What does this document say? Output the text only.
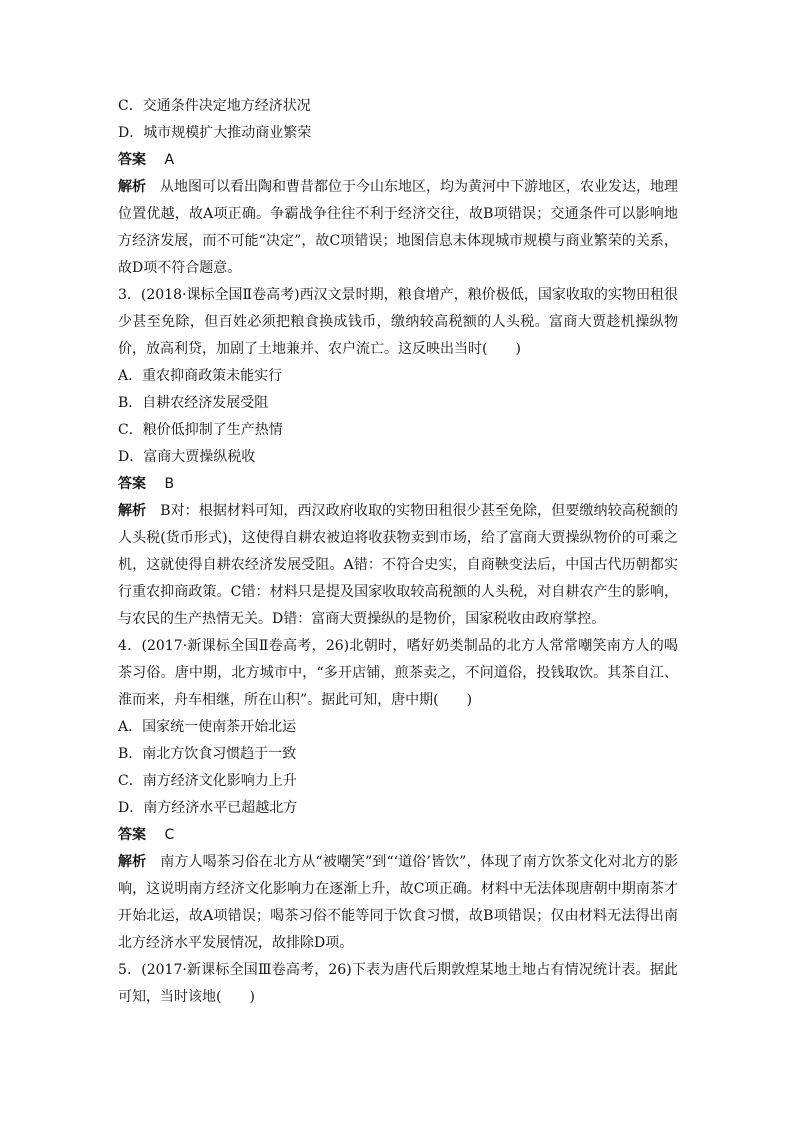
C．交通条件决定地方经济状况
D．城市规模扩大推动商业繁荣
答案 A
解析 从地图可以看出陶和曹昔都位于今山东地区，均为黄河中下游地区，农业发达，地理位置优越，故A项正确。争霸战争往往不利于经济交往，故B项错误；交通条件可以影响地方经济发展，而不可能“决定”，故C项错误；地图信息未体现城市规模与商业繁荣的关系，故D项不符合题意。
3．(2018·课标全国Ⅱ卷高考)西汉文景时期，粮食增产，粮价极低，国家收取的实物田租很少甚至免除，但百姓必须把粮食换成钱币，缴纳较高税额的人头税。富商大贾趁机操纵物价，放高利贷，加剧了土地兼并、农户流亡。这反映出当时(　　)
A．重农抑商政策未能实行
B．自耕农经济发展受阻
C．粮价低抑制了生产热情
D．富商大贾操纵税收
答案 B
解析 B对：根据材料可知，西汉政府收取的实物田租很少甚至免除，但要缴纳较高税额的人头税(货币形式)，这使得自耕农被迫将收获物卖到市场，给了富商大贾操纵物价的可乘之机，这就使得自耕农经济发展受阻。A错：不符合史实，自商鞅变法后，中国古代历朝都实行重农抑商政策。C错：材料只是提及国家收取较高税额的人头税，对自耕农产生的影响，与农民的生产热情无关。D错：富商大贾操纵的是物价，国家税收由政府掌控。
4．(2017·新课标全国Ⅱ卷高考，26)北朝时，嗜好奶类制品的北方人常常嘲笑南方人的喝茶习俗。唐中期，北方城市中，“多开店铺，煎茶卖之，不问道俗，投钱取饮。其茶自江、淮而来，舟车相继，所在山积”。据此可知，唐中期(　　)
A．国家统一使南茶开始北运
B．南北方饮食习惯趋于一致
C．南方经济文化影响力上升
D．南方经济水平已超越北方
答案 C
解析 南方人喝茶习俗在北方从“被嘲笑”到“‘道俗’皆饮”，体现了南方饮茶文化对北方的影响，这说明南方经济文化影响力在逐渐上升，故C项正确。材料中无法体现唐朝中期南茶才开始北运，故A项错误；喝茶习俗不能等同于饮食习惯，故B项错误；仅由材料无法得出南北方经济水平发展情况，故排除D项。
5．(2017·新课标全国Ⅲ卷高考，26)下表为唐代后期敦煌某地土地占有情况统计表。据此可知，当时该地(　　)
